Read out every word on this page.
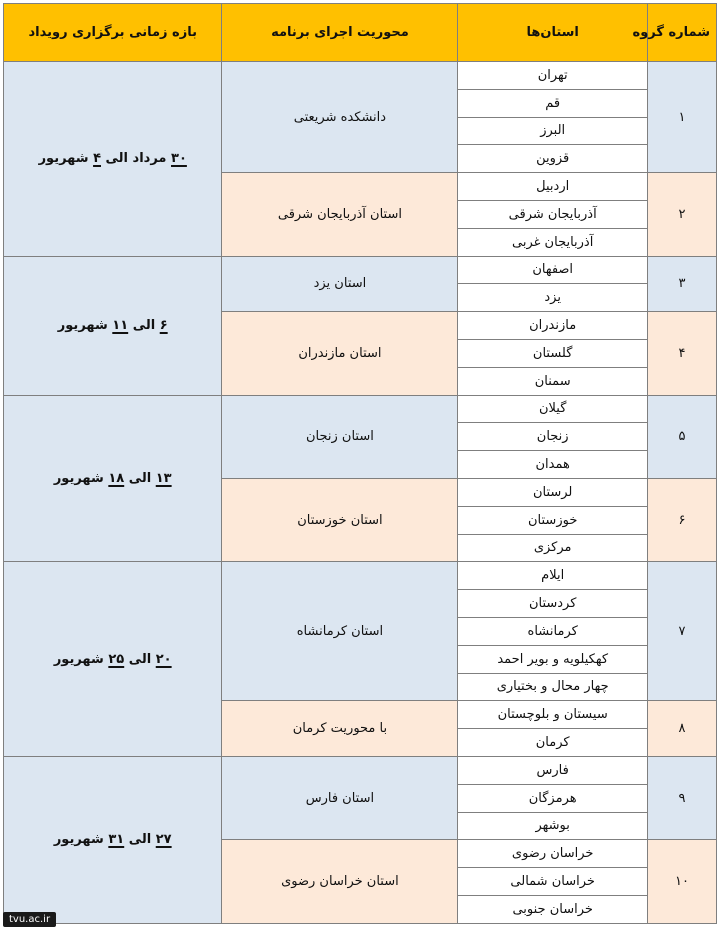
شماره گروه	استان‌ها	محوریت اجرای برنامه	بازه زمانی برگزاری رویداد
۱	تهران	دانشکده شریعتی	۳۰ مرداد الی ۴ شهریور
	قم		
	البرز		
	قزوین		
۲	اردبیل	استان آذربایجان شرقی	
	آذربایجان شرقی		
	آذربایجان غربی		
۳	اصفهان	استان یزد	۶ الی ۱۱ شهریور
	یزد		
۴	مازندران	استان مازندران	
	گلستان		
	سمنان		
۵	گیلان	استان زنجان	۱۳ الی ۱۸ شهریور
	زنجان		
	همدان		
۶	لرستان	استان خوزستان	
	خوزستان		
	مرکزی		
۷	ایلام	استان کرمانشاه	۲۰ الی ۲۵ شهریور
	کردستان		
	کرمانشاه		
	کهکیلویه و بویر احمد		
	چهار محال و بختیاری		
۸	سیستان و بلوچستان	با محوریت کرمان	
	کرمان		
۹	فارس	استان فارس	۲۷ الی ۳۱ شهریور
	هرمزگان		
	بوشهر		
۱۰	خراسان رضوی	استان خراسان رضوی	
	خراسان شمالی		
	خراسان جنوبی		
tvu.ac.ir
